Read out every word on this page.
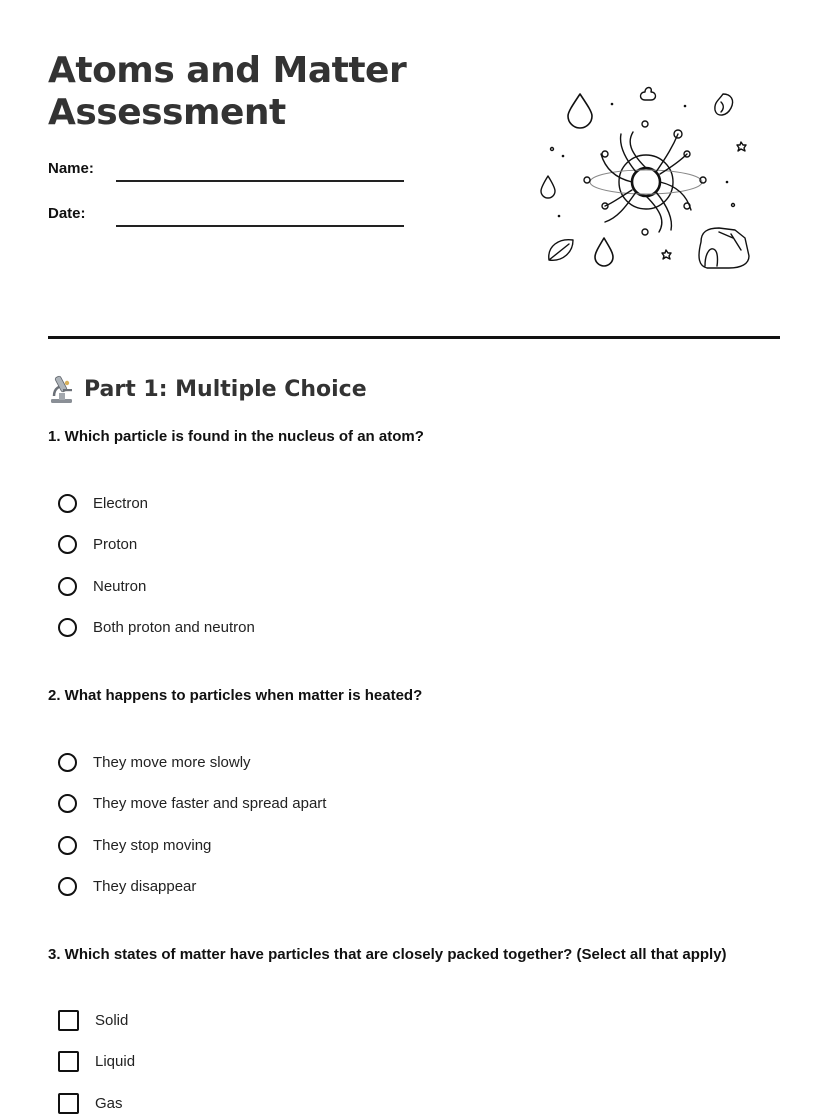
Atoms and Matter
Assessment
Name:
Date:
Part 1: Multiple Choice

1. Which particle is found in the nucleus of an atom?

Electron
Proton
Neutron
Both proton and neutron

2. What happens to particles when matter is heated?

They move more slowly
They move faster and spread apart
They stop moving
They disappear

3. Which states of matter have particles that are closely packed together? (Select all that apply)

Solid
Liquid
Gas
